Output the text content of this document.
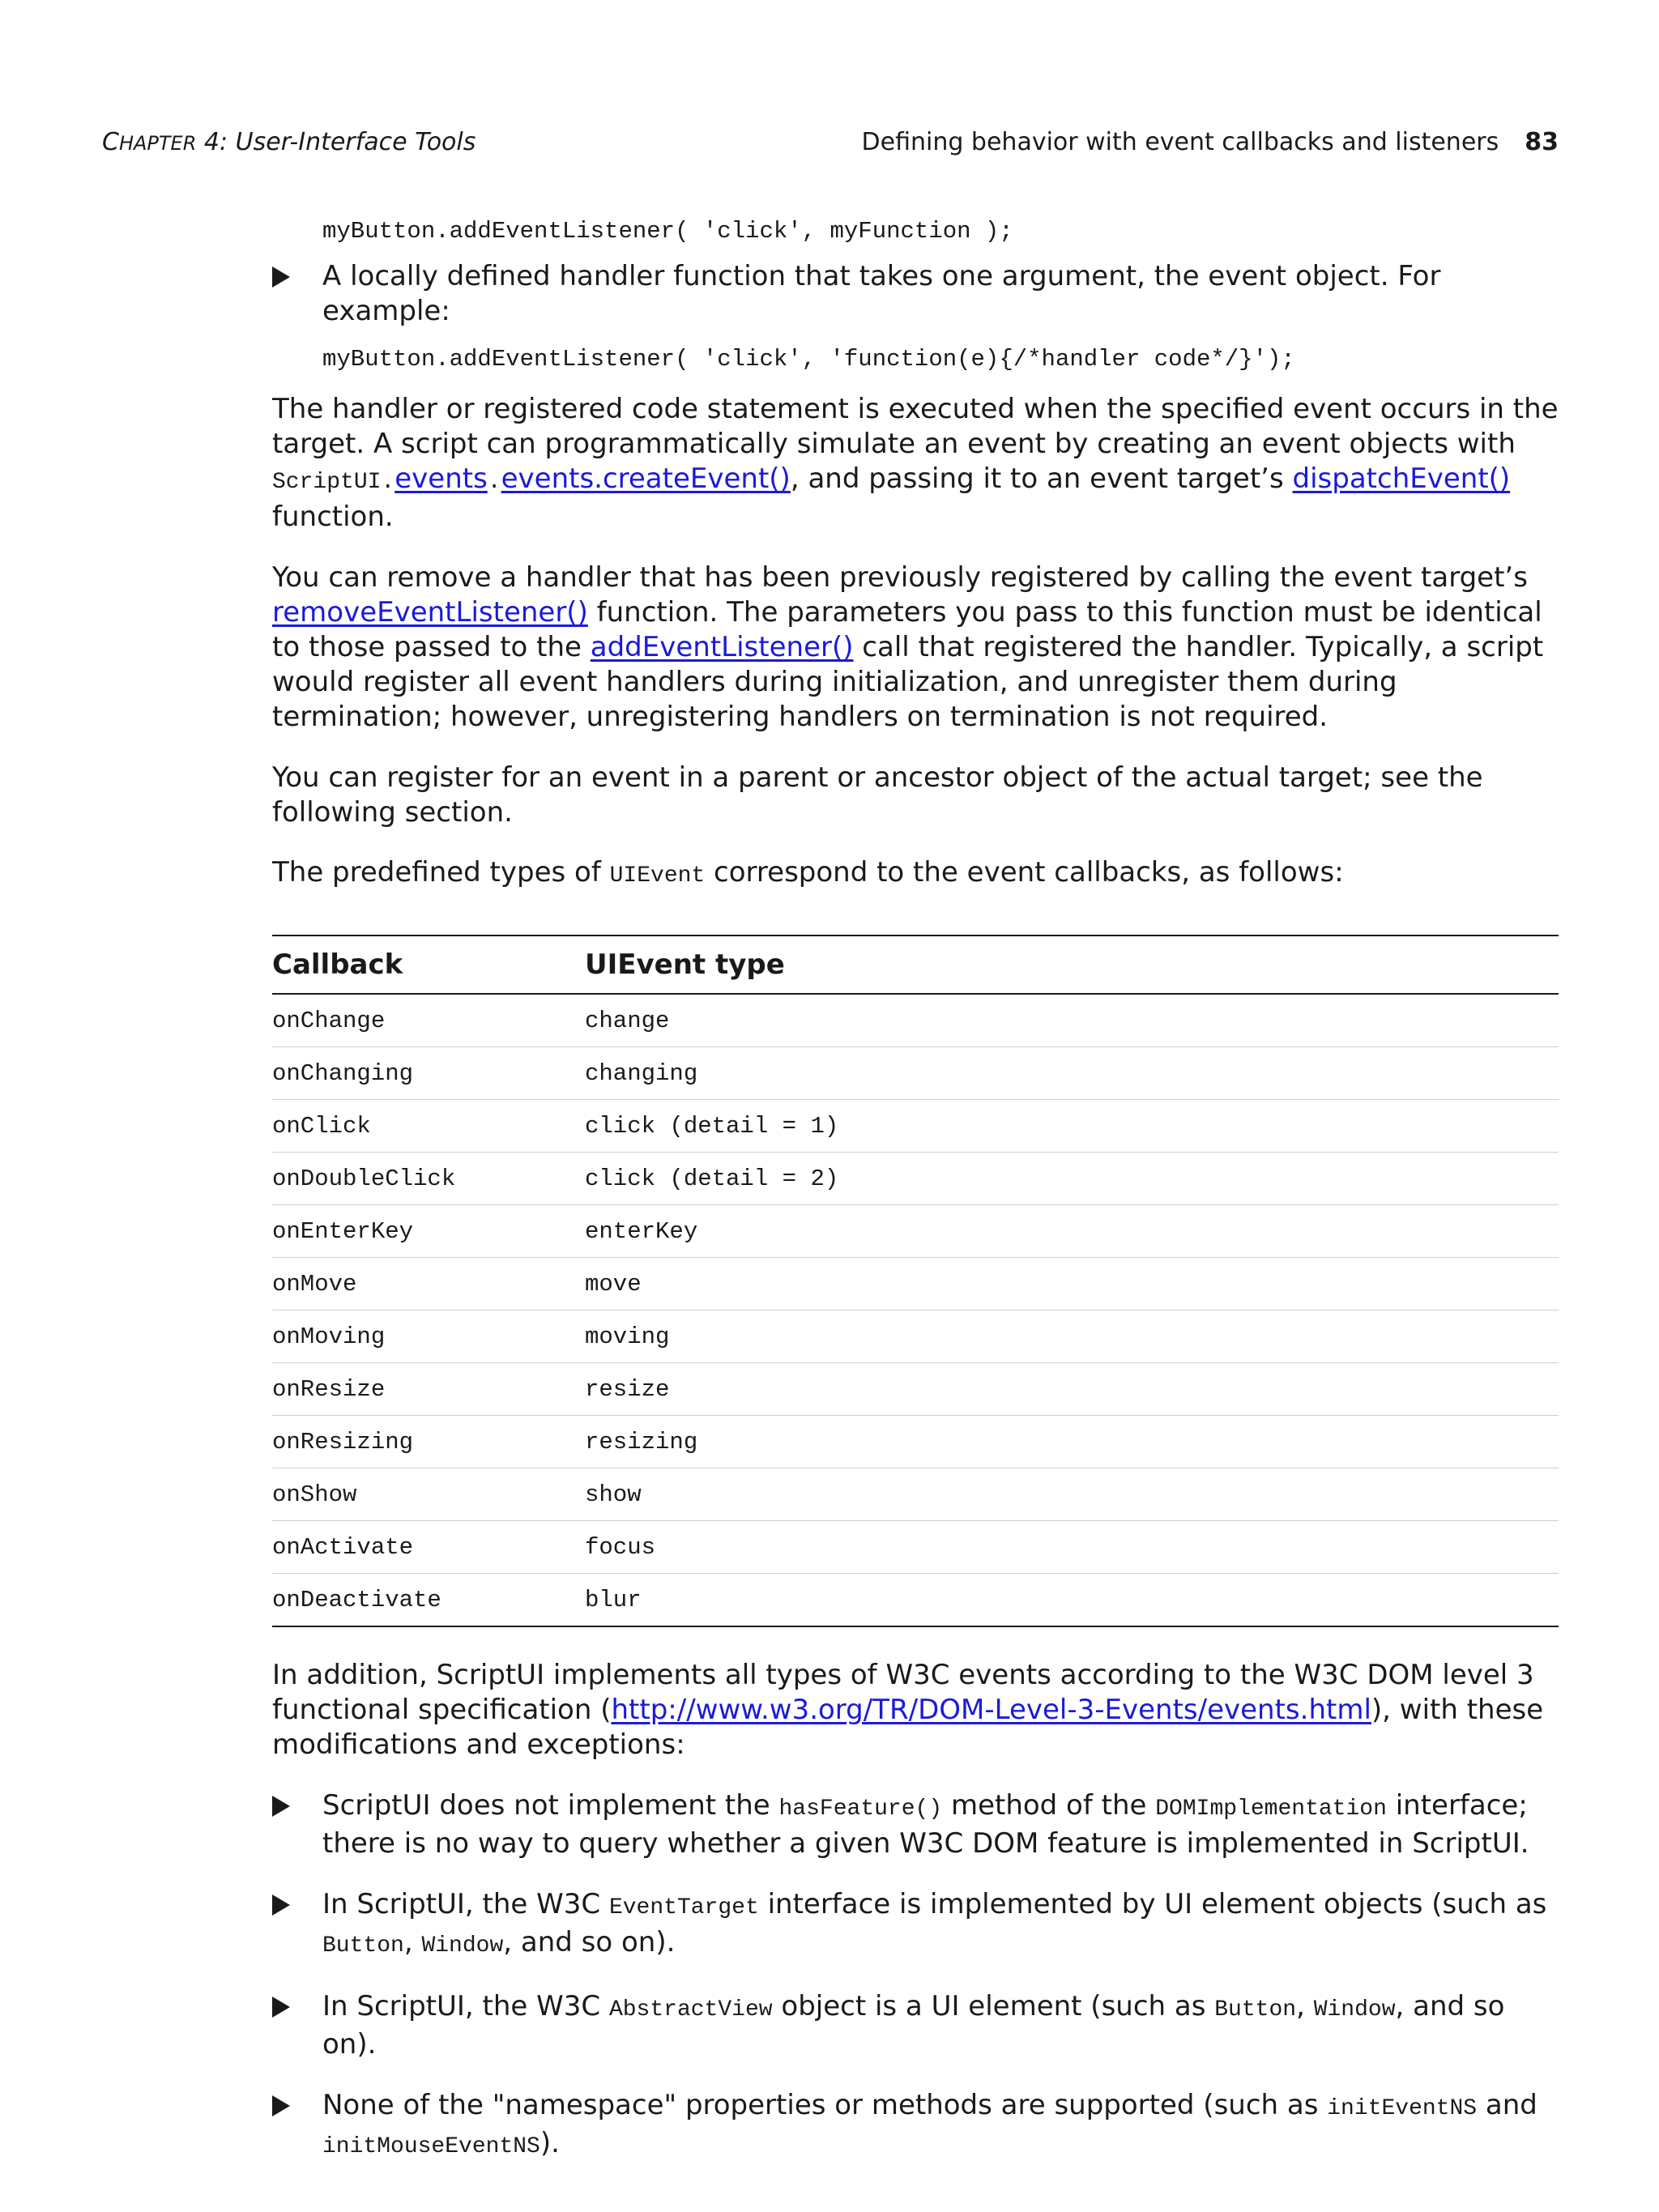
CHAPTER 4: User-Interface Tools	Defining behavior with event callbacks and listeners 83
myButton.addEventListener( 'click', myFunction );
A locally defined handler function that takes one argument, the event object. For example:
myButton.addEventListener( 'click', 'function(e){/*handler code*/}');

The handler or registered code statement is executed when the specified event occurs in the target. A script can programmatically simulate an event by creating an event objects with ScriptUI.events.events.createEvent(), and passing it to an event target’s dispatchEvent() function.

You can remove a handler that has been previously registered by calling the event target’s removeEventListener() function. The parameters you pass to this function must be identical to those passed to the addEventListener() call that registered the handler. Typically, a script would register all event handlers during initialization, and unregister them during termination; however, unregistering handlers on termination is not required.

You can register for an event in a parent or ancestor object of the actual target; see the following section.

The predefined types of UIEvent correspond to the event callbacks, as follows:

Callback	UIEvent type
onChange	change
onChanging	changing
onClick	click (detail = 1)
onDoubleClick	click (detail = 2)
onEnterKey	enterKey
onMove	move
onMoving	moving
onResize	resize
onResizing	resizing
onShow	show
onActivate	focus
onDeactivate	blur

In addition, ScriptUI implements all types of W3C events according to the W3C DOM level 3 functional specification (http://www.w3.org/TR/DOM-Level-3-Events/events.html), with these modifications and exceptions:

ScriptUI does not implement the hasFeature() method of the DOMImplementation interface; there is no way to query whether a given W3C DOM feature is implemented in ScriptUI.
In ScriptUI, the W3C EventTarget interface is implemented by UI element objects (such as Button, Window, and so on).
In ScriptUI, the W3C AbstractView object is a UI element (such as Button, Window, and so on).
None of the "namespace" properties or methods are supported (such as initEventNS and initMouseEventNS).
